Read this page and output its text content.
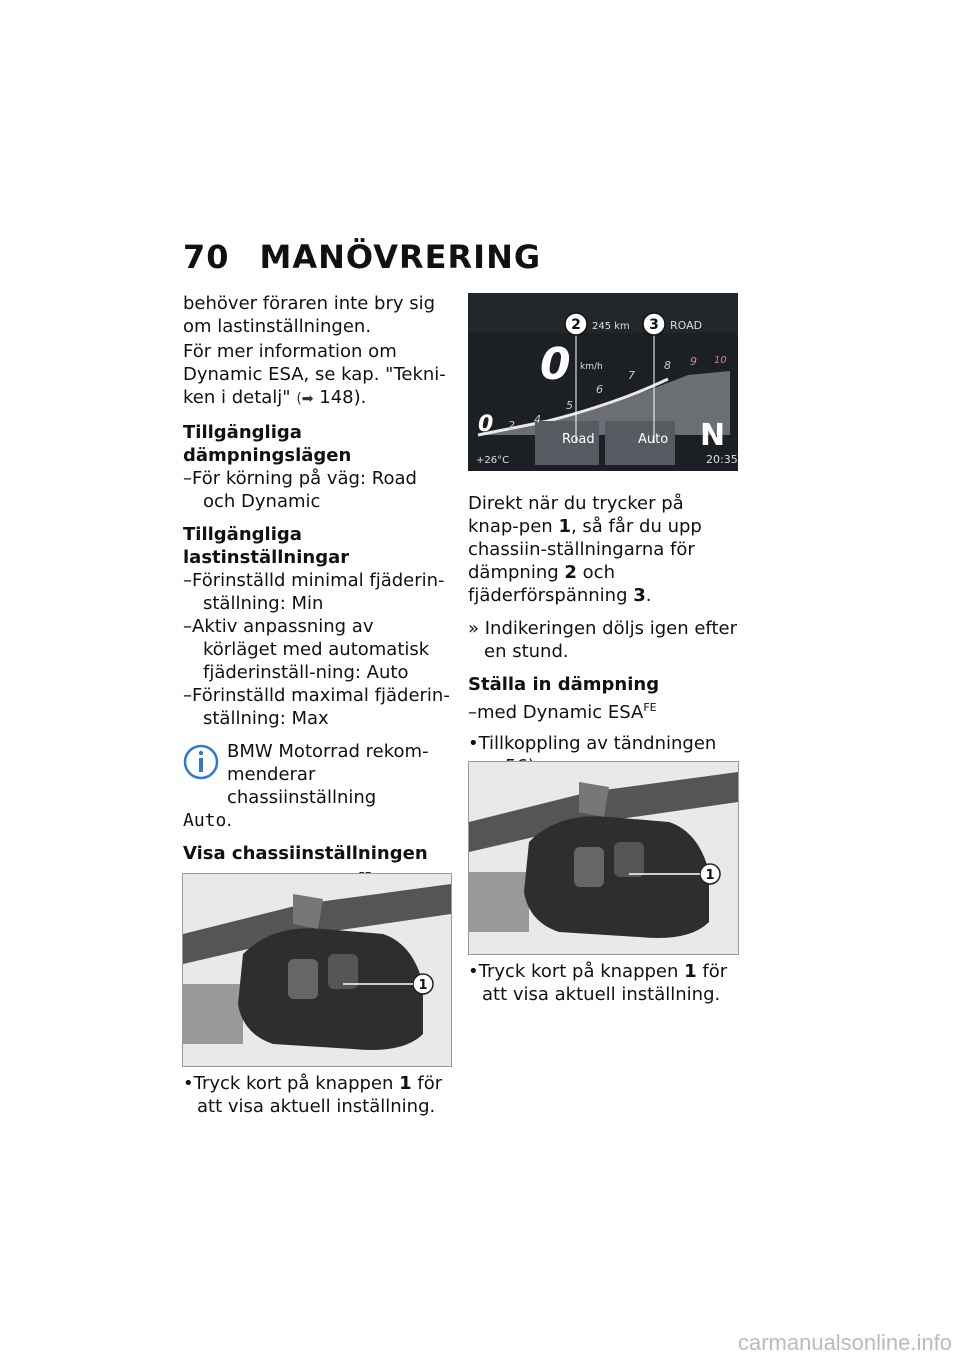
70 MANÖVRERING

behöver föraren inte bry sig om lastinställningen.

För mer information om Dynamic ESA, se kap. "Tekni-ken i detalj" (➡ 148).

Tillgängliga dämpningslägen

–För körning på väg: Road och Dynamic

Tillgängliga lastinställningar

–Förinställd minimal fjäderin-ställning: Min

–Aktiv anpassning av körläget med automatisk fjäderinställ-ning: Auto

–Förinställd maximal fjäderin-ställning: Max

BMW Motorrad rekom-menderar chassiinställning

Auto.

Visa chassiinställningen

1

•Tryck kort på knappen 1 för att visa aktuell inställning.

2	3
245 km	ROAD
0 km/h
0 2 4
5
6
7
8 9 10
Road	Auto N
+26°C	20:35

Direkt när du trycker på knap-pen 1, så får du upp chassiin-ställningarna för dämpning 2 och fjäderförspänning 3.

» Indikeringen döljs igen efter en stund.

Ställa in dämpning

–med Dynamic $ESA^{FE}$

•Tillkoppling av tändningen

1

•Tryck kort på knappen 1 för att visa aktuell inställning.

carmanualsonline.info
